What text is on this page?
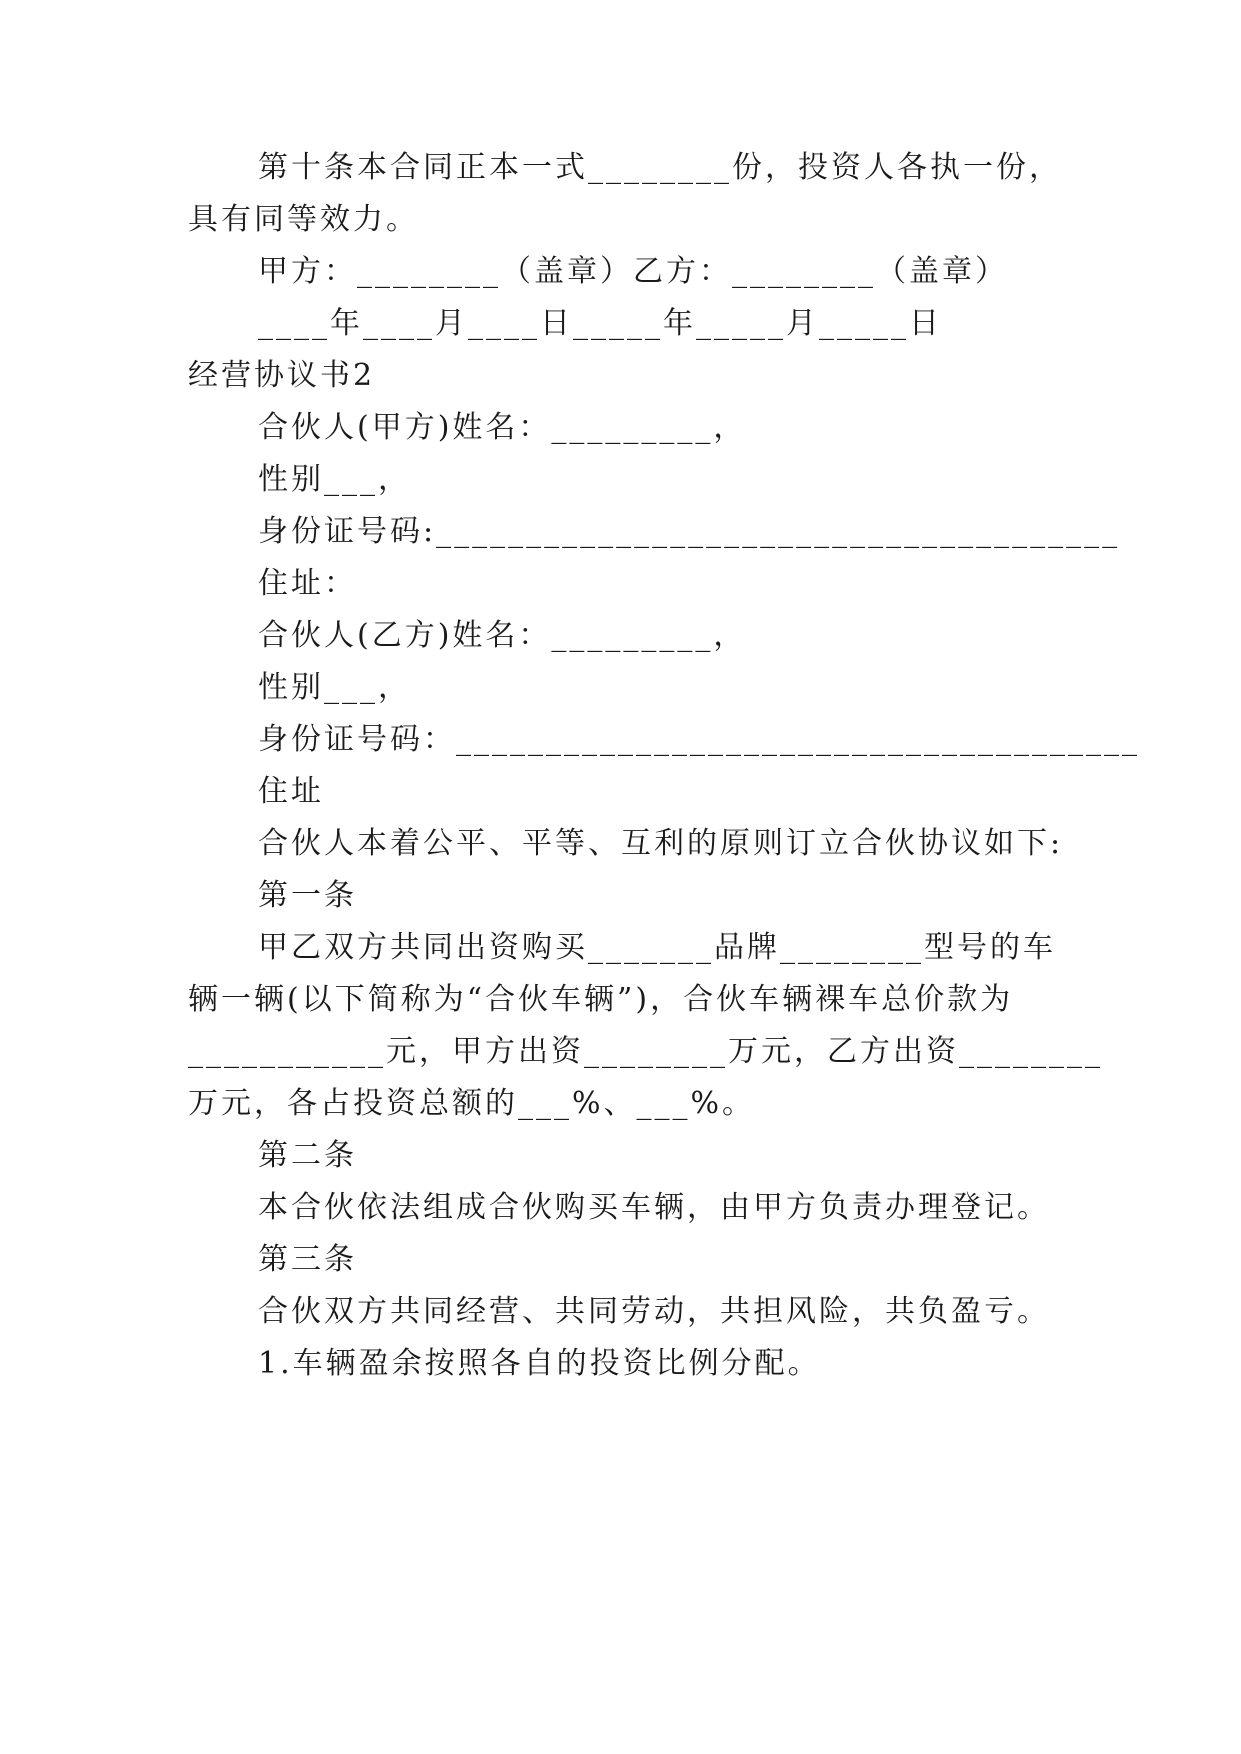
第十条本合同正本一式________份，投资人各执一份，
具有同等效力。
甲方：________（盖章）乙方：________（盖章）
____年____月____日_____年_____月_____日
经营协议书2
合伙人(甲方)姓名：_________，
性别___，
身份证号码:______________________________________
住址：
合伙人(乙方)姓名：_________，
性别___，
身份证号码：______________________________________
住址
合伙人本着公平、平等、互利的原则订立合伙协议如下:
第一条
甲乙双方共同出资购买_______品牌________型号的车
辆一辆(以下简称为“合伙车辆”)，合伙车辆裸车总价款为
___________元，甲方出资________万元，乙方出资________
万元，各占投资总额的___%、___%。
第二条
本合伙依法组成合伙购买车辆，由甲方负责办理登记。
第三条
合伙双方共同经营、共同劳动，共担风险，共负盈亏。
1.车辆盈余按照各自的投资比例分配。
